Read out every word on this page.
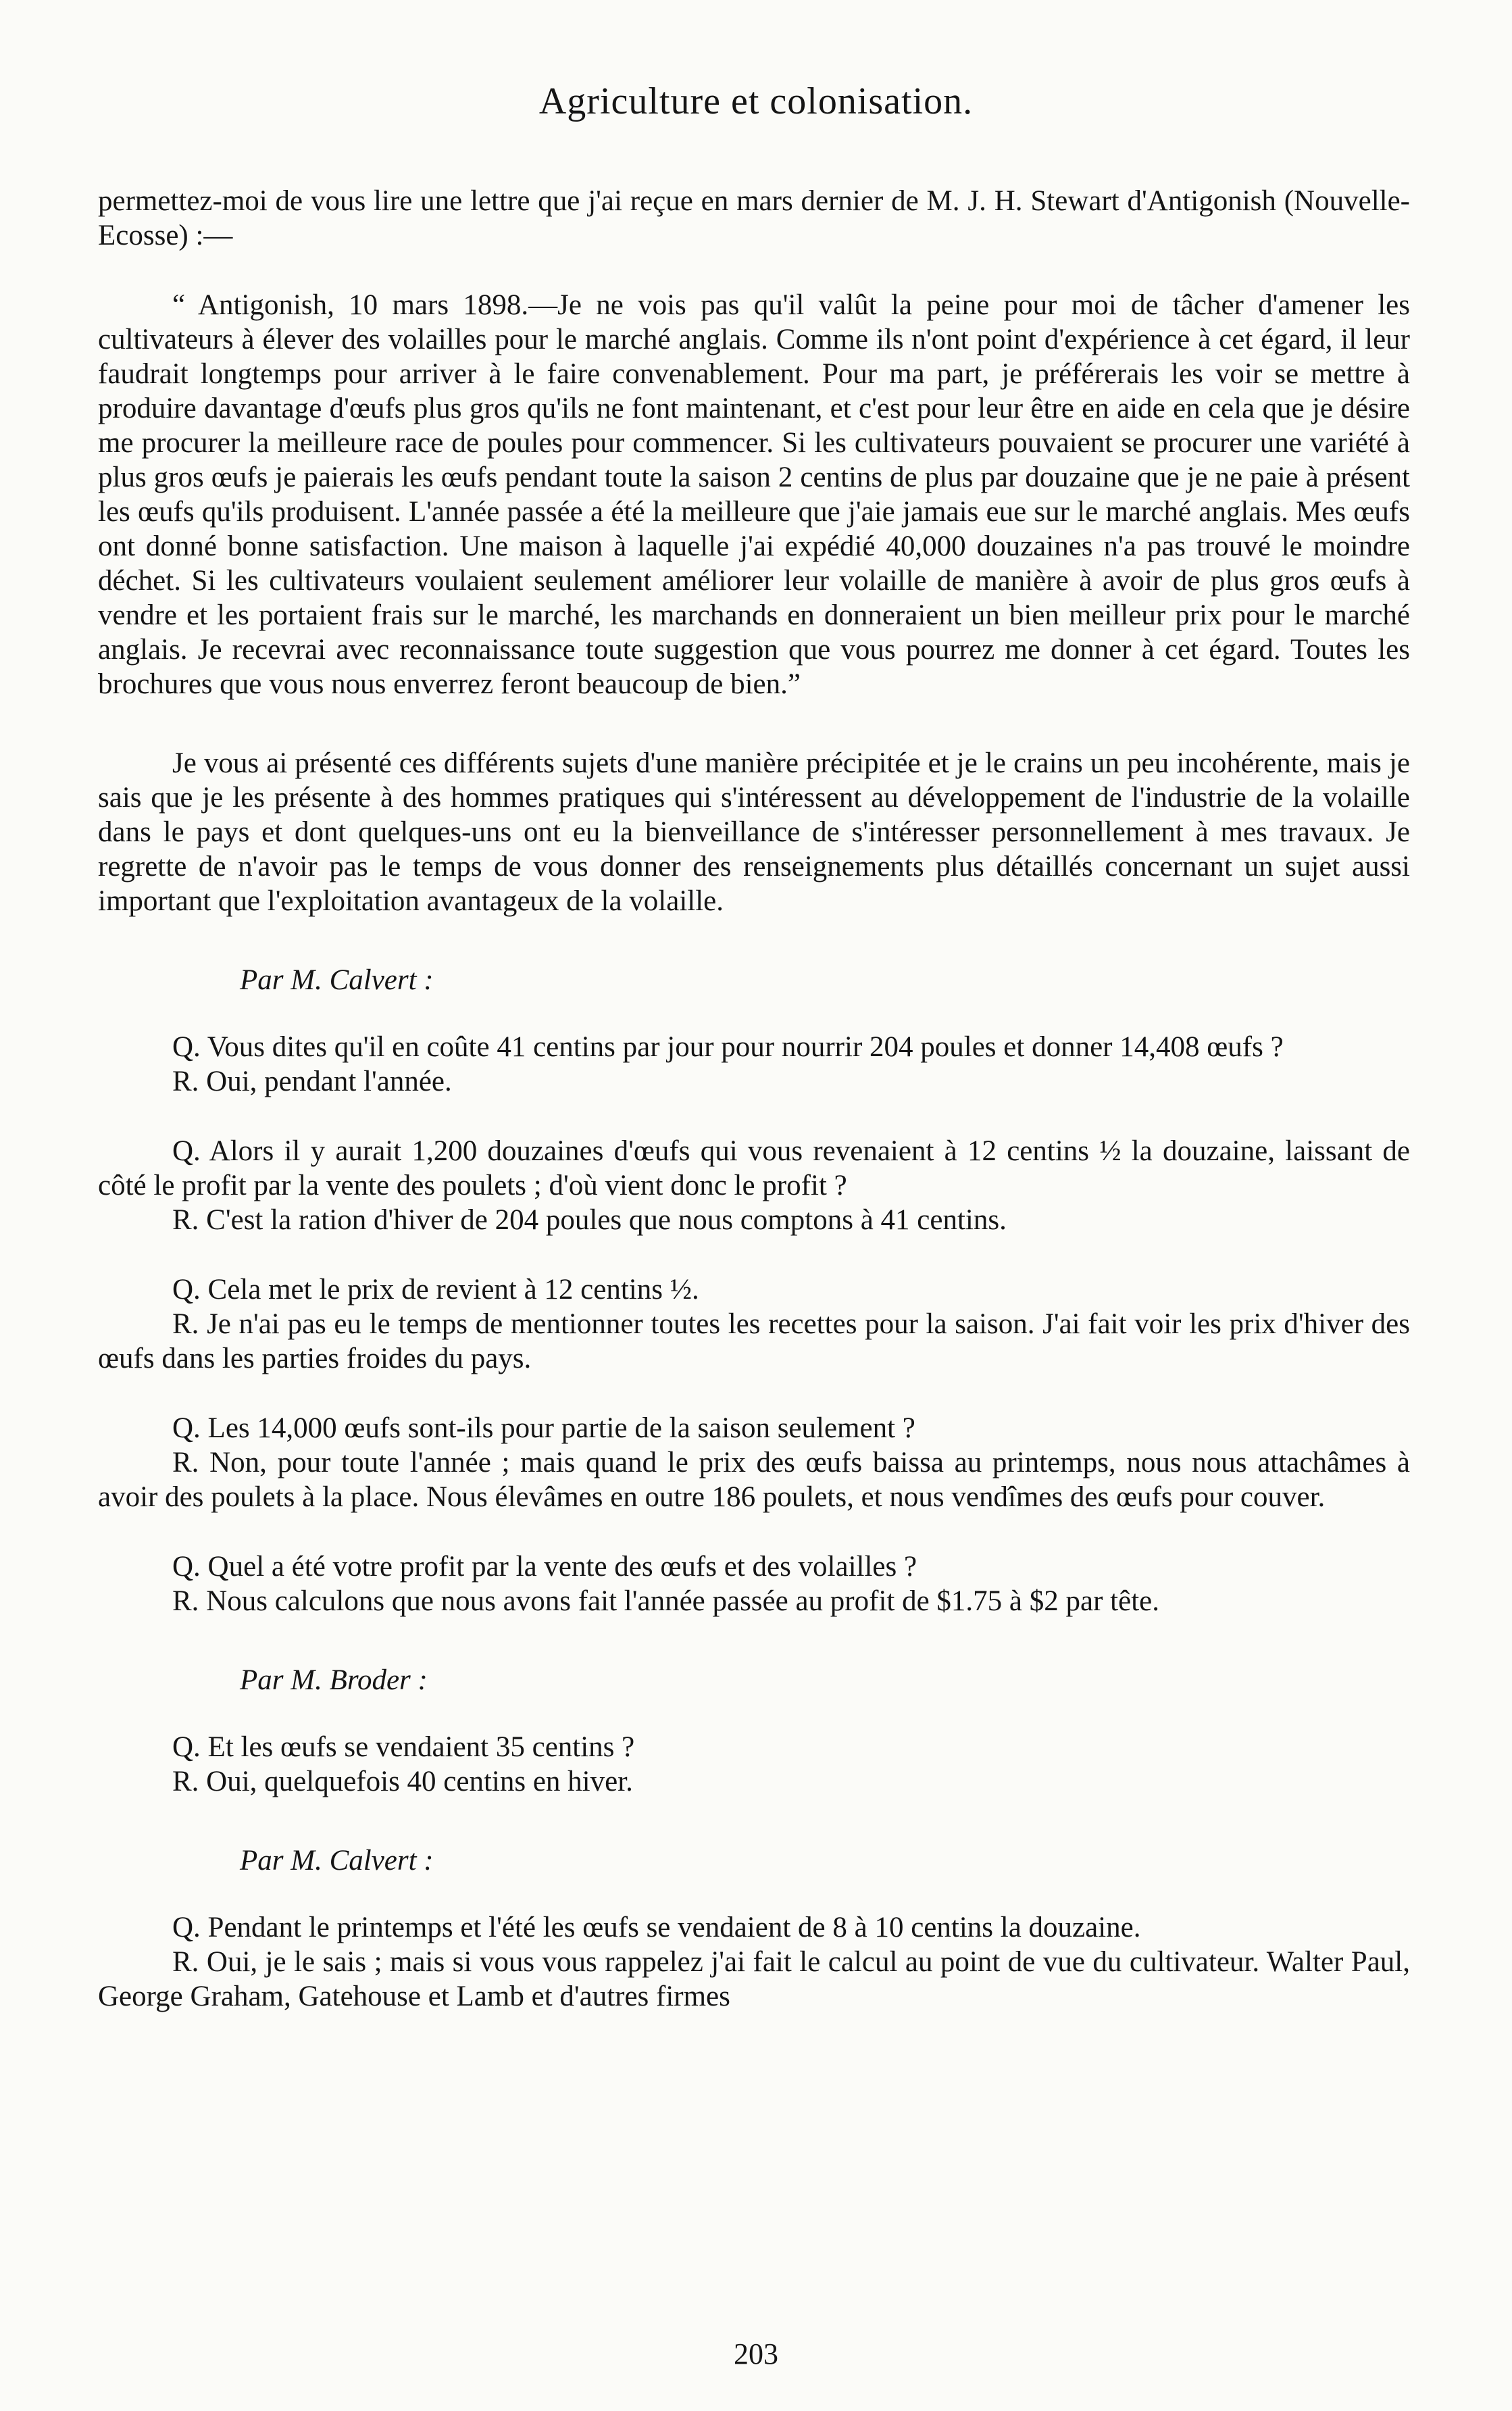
Agriculture et colonisation.

permettez-moi de vous lire une lettre que j'ai reçue en mars dernier de M. J. H. Stewart d'Antigonish (Nouvelle-Ecosse) :—

“ Antigonish, 10 mars 1898.—Je ne vois pas qu'il valût la peine pour moi de tâcher d'amener les cultivateurs à élever des volailles pour le marché anglais. Comme ils n'ont point d'expérience à cet égard, il leur faudrait longtemps pour arriver à le faire convenablement. Pour ma part, je préférerais les voir se mettre à produire davantage d'œufs plus gros qu'ils ne font maintenant, et c'est pour leur être en aide en cela que je désire me procurer la meilleure race de poules pour commencer. Si les cultivateurs pouvaient se procurer une variété à plus gros œufs je paierais les œufs pendant toute la saison 2 centins de plus par douzaine que je ne paie à présent les œufs qu'ils produisent. L'année passée a été la meilleure que j'aie jamais eue sur le marché anglais. Mes œufs ont donné bonne satisfaction. Une maison à laquelle j'ai expédié 40,000 douzaines n'a pas trouvé le moindre déchet. Si les cultivateurs voulaient seulement améliorer leur volaille de manière à avoir de plus gros œufs à vendre et les portaient frais sur le marché, les marchands en donneraient un bien meilleur prix pour le marché anglais. Je recevrai avec reconnaissance toute suggestion que vous pourrez me donner à cet égard. Toutes les brochures que vous nous enverrez feront beaucoup de bien.”

Je vous ai présenté ces différents sujets d'une manière précipitée et je le crains un peu incohérente, mais je sais que je les présente à des hommes pratiques qui s'intéressent au développement de l'industrie de la volaille dans le pays et dont quelques-uns ont eu la bienveillance de s'intéresser personnellement à mes travaux. Je regrette de n'avoir pas le temps de vous donner des renseignements plus détaillés concernant un sujet aussi important que l'exploitation avantageux de la volaille.

Par M. Calvert :

Q. Vous dites qu'il en coûte 41 centins par jour pour nourrir 204 poules et donner 14,408 œufs ?

R. Oui, pendant l'année.

Q. Alors il y aurait 1,200 douzaines d'œufs qui vous revenaient à 12 centins ½ la douzaine, laissant de côté le profit par la vente des poulets ; d'où vient donc le profit ?

R. C'est la ration d'hiver de 204 poules que nous comptons à 41 centins.

Q. Cela met le prix de revient à 12 centins ½.

R. Je n'ai pas eu le temps de mentionner toutes les recettes pour la saison. J'ai fait voir les prix d'hiver des œufs dans les parties froides du pays.

Q. Les 14,000 œufs sont-ils pour partie de la saison seulement ?

R. Non, pour toute l'année ; mais quand le prix des œufs baissa au printemps, nous nous attachâmes à avoir des poulets à la place. Nous élevâmes en outre 186 poulets, et nous vendîmes des œufs pour couver.

Q. Quel a été votre profit par la vente des œufs et des volailles ?

R. Nous calculons que nous avons fait l'année passée au profit de $1.75 à $2 par tête.

Par M. Broder :

Q. Et les œufs se vendaient 35 centins ?

R. Oui, quelquefois 40 centins en hiver.

Par M. Calvert :

Q. Pendant le printemps et l'été les œufs se vendaient de 8 à 10 centins la douzaine.

R. Oui, je le sais ; mais si vous vous rappelez j'ai fait le calcul au point de vue du cultivateur. Walter Paul, George Graham, Gatehouse et Lamb et d'autres firmes

203
